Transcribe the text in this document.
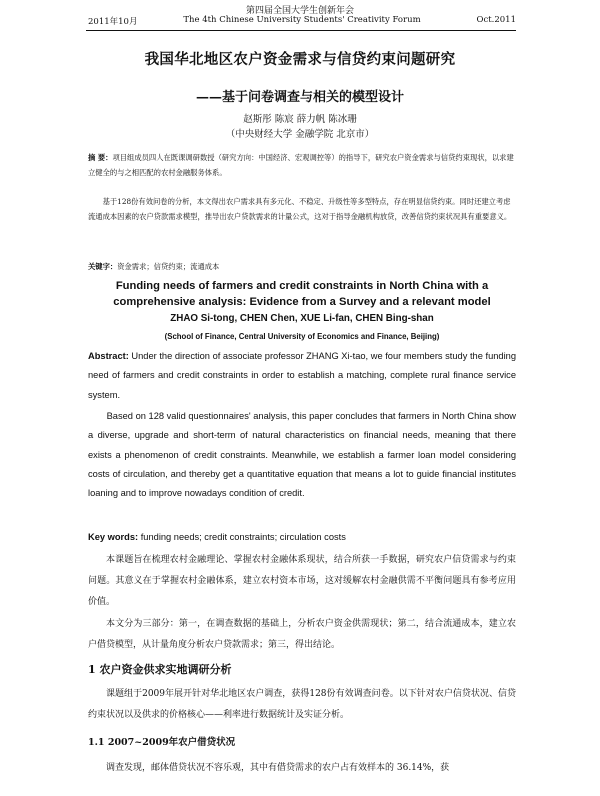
第四届全国大学生创新年会
2011年10月	The 4th Chinese University Students' Creativity Forum	Oct.2011
我国华北地区农户资金需求与信贷约束问题研究
——基于问卷调查与相关的模型设计
赵斯彤 陈宸 薛力帆 陈冰珊
（中央财经大学 金融学院 北京市）
摘 要：项目组成员四人在既课调研数授（研究方向：中国经济、宏观调控等）的指导下，研究农户资金需求与信贷约束现状，以求建立健全的与之相匹配的农村金融服务体系。
基于128份有效问卷的分析，本文得出农户需求具有多元化、不稳定、升级性等多型特点，存在明显信贷约束。同时还建立考虑流通成本因素的农户贷款需求模型，推导出农户贷款需求的计量公式，这对于指导金融机构放贷，改善信贷约束状况具有重要意义。
关键字：资金需求；信贷约束；流通成本
Funding needs of farmers and credit constraints in North China with a comprehensive analysis: Evidence from a Survey and a relevant model
ZHAO Si-tong, CHEN Chen, XUE Li-fan, CHEN Bing-shan
(School of Finance, Central University of Economics and Finance, Beijing)
Abstract: Under the direction of associate professor ZHANG Xi-tao, we four members study the funding need of farmers and credit constraints in order to establish a matching, complete rural finance service system.
Based on 128 valid questionnaires' analysis, this paper concludes that farmers in North China show a diverse, upgrade and short-term of natural characteristics on financial needs, meaning that there exists a phenomenon of credit constraints. Meanwhile, we establish a farmer loan model considering costs of circulation, and thereby get a quantitative equation that means a lot to guide financial institutes loaning and to improve nowadays condition of credit.
Key words: funding needs; credit constraints; circulation costs
本课题旨在梳理农村金融理论、掌握农村金融体系现状，结合所获一手数据，研究农户信贷需求与约束问题。其意义在于掌握农村金融体系，建立农村资本市场，这对缓解农村金融供需不平衡问题具有参考应用价值。
本文分为三部分：第一，在调查数据的基础上，分析农户资金供需现状；第二，结合流通成本，建立农户借贷模型，从计量角度分析农户贷款需求；第三，得出结论。
1 农户资金供求实地调研分析
课题组于2009年展开针对华北地区农户调查，获得128份有效调查问卷。以下针对农户信贷状况、信贷约束状况以及供求的价格核心——利率进行数据统计及实证分析。
1.1 2007~2009年农户借贷状况
调查发现，邮体借贷状况不容乐观，其中有借贷需求的农户占有效样本的 36.14%，获
